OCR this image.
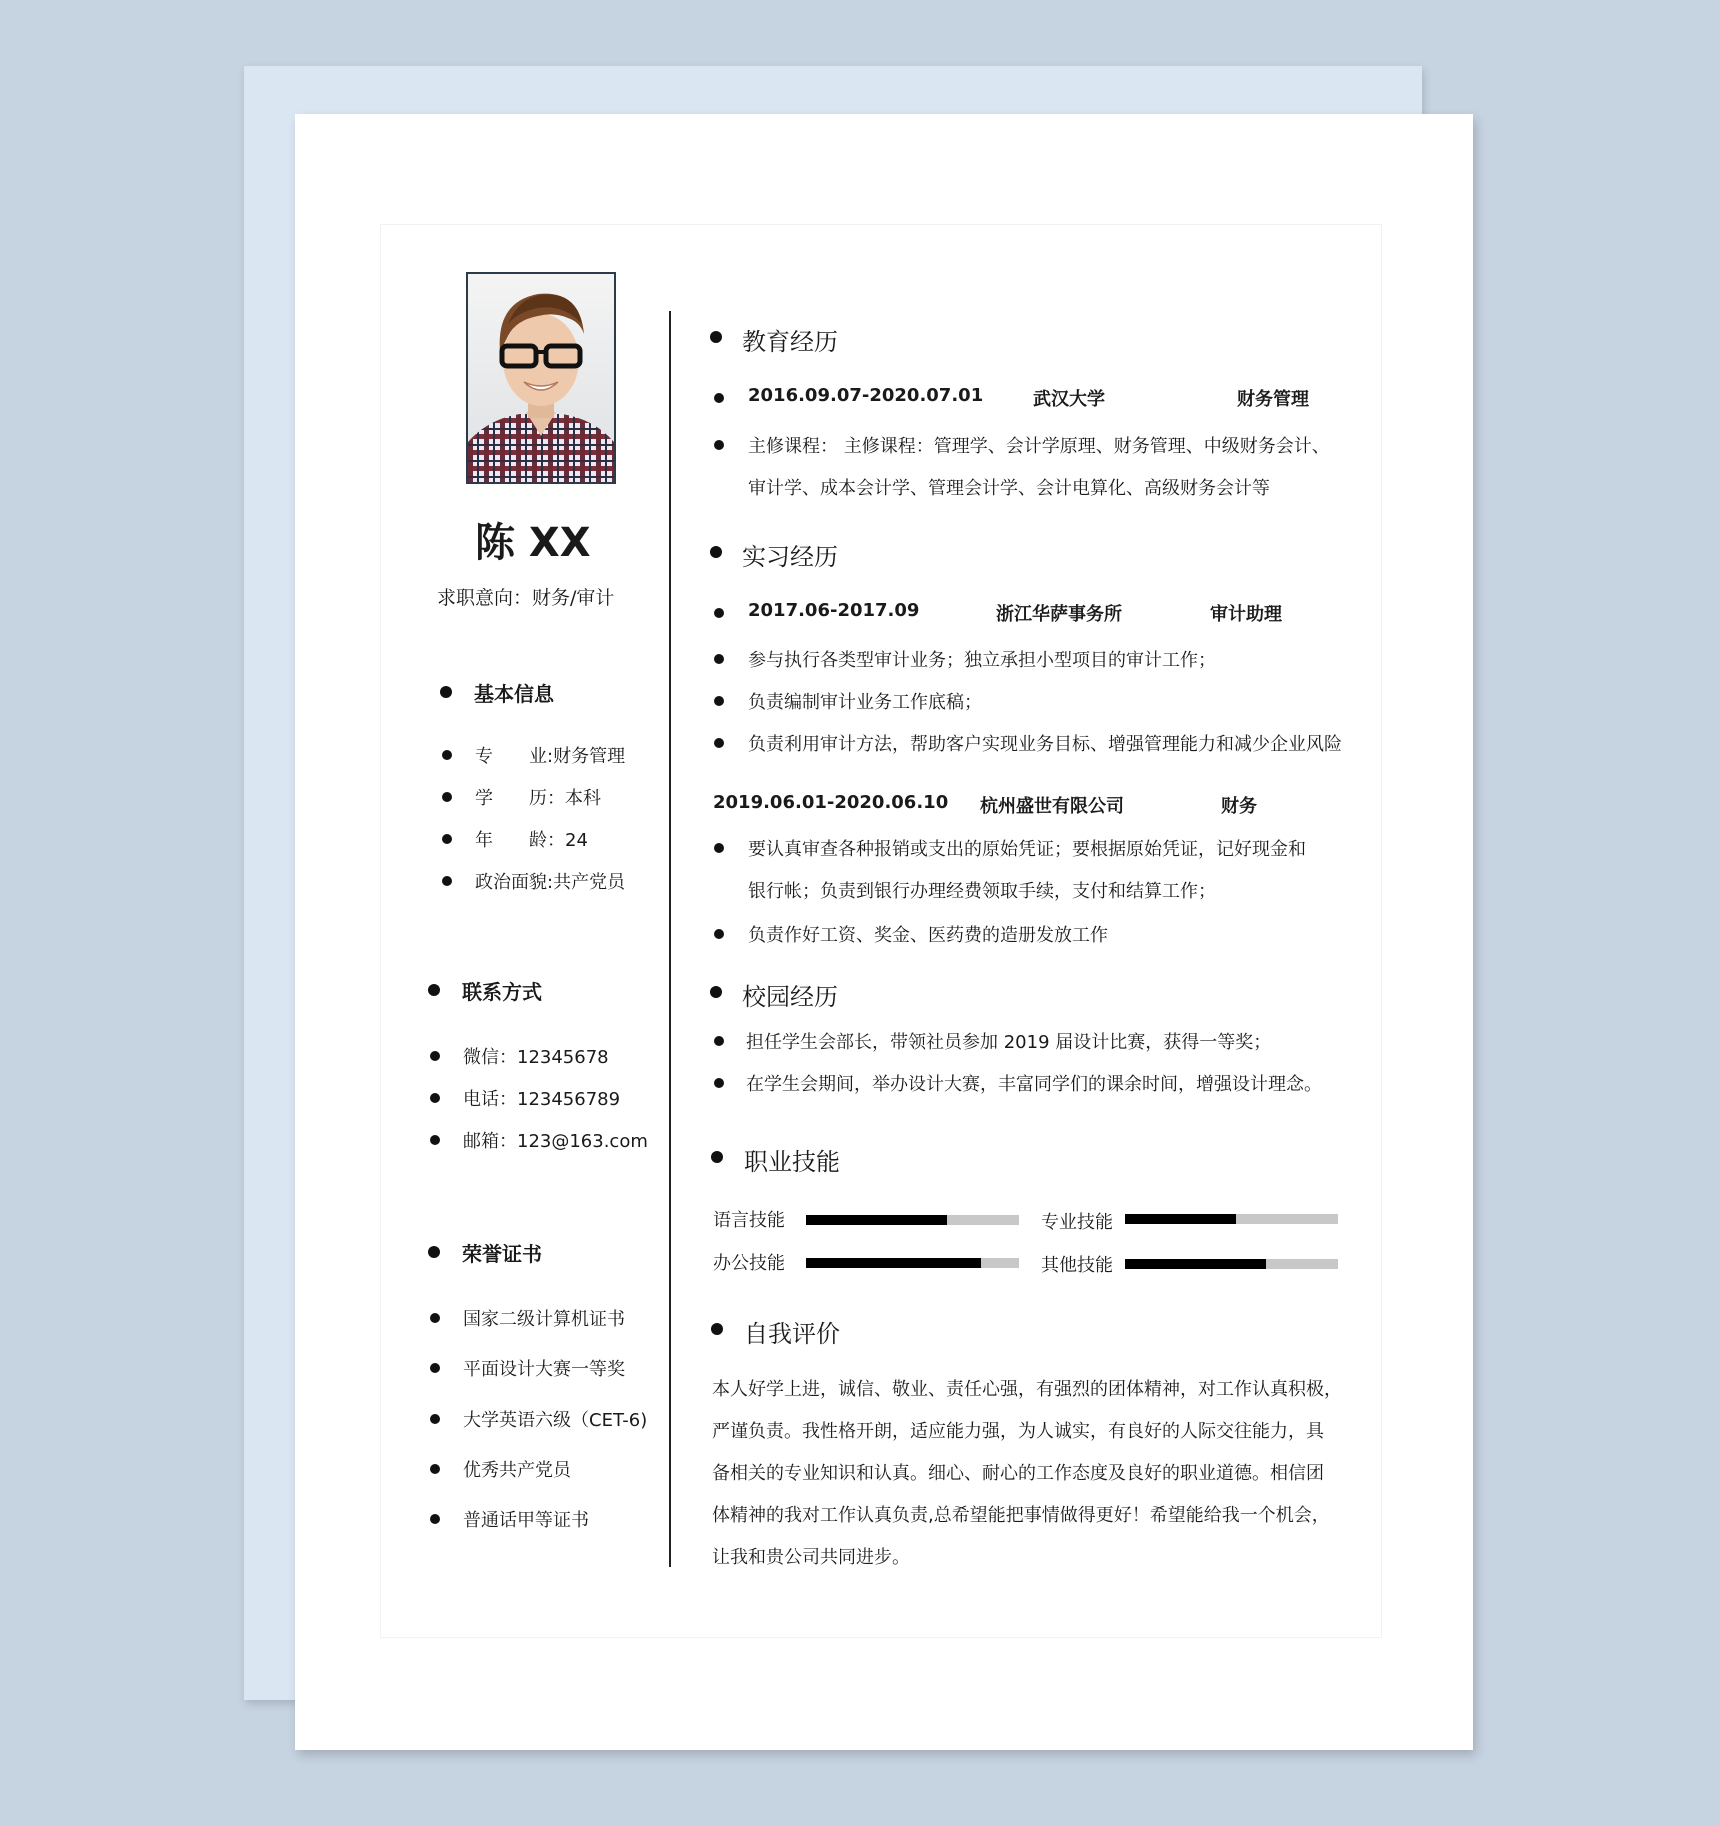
陈 XX
求职意向：财务/审计
基本信息
专　　业:财务管理
学　　历：本科
年　　龄：24
政治面貌:共产党员
联系方式
微信：12345678
电话：123456789
邮箱：123@163.com
荣誉证书
国家二级计算机证书
平面设计大赛一等奖
大学英语六级（CET-6)
优秀共产党员
普通话甲等证书
教育经历
2016.09.07-2020.07.01	武汉大学	财务管理
主修课程： 主修课程：管理学、会计学原理、财务管理、中级财务会计、
审计学、成本会计学、管理会计学、会计电算化、高级财务会计等
实习经历
2017.06-2017.09	浙江华萨事务所	审计助理
参与执行各类型审计业务；独立承担小型项目的审计工作；
负责编制审计业务工作底稿；
负责利用审计方法，帮助客户实现业务目标、增强管理能力和减少企业风险
2019.06.01-2020.06.10 杭州盛世有限公司	财务
要认真审查各种报销或支出的原始凭证；要根据原始凭证，记好现金和
银行帐；负责到银行办理经费领取手续，支付和结算工作；
负责作好工资、奖金、医药费的造册发放工作
校园经历
担任学生会部长，带领社员参加 2019 届设计比赛，获得一等奖；
在学生会期间，举办设计大赛，丰富同学们的课余时间，增强设计理念。
职业技能
语言技能	专业技能
办公技能	其他技能
自我评价
本人好学上进，诚信、敬业、责任心强，有强烈的团体精神，对工作认真积极，
严谨负责。我性格开朗，适应能力强，为人诚实，有良好的人际交往能力，具
备相关的专业知识和认真。细心、耐心的工作态度及良好的职业道德。相信团
体精神的我对工作认真负责,总希望能把事情做得更好！希望能给我一个机会，
让我和贵公司共同进步。
